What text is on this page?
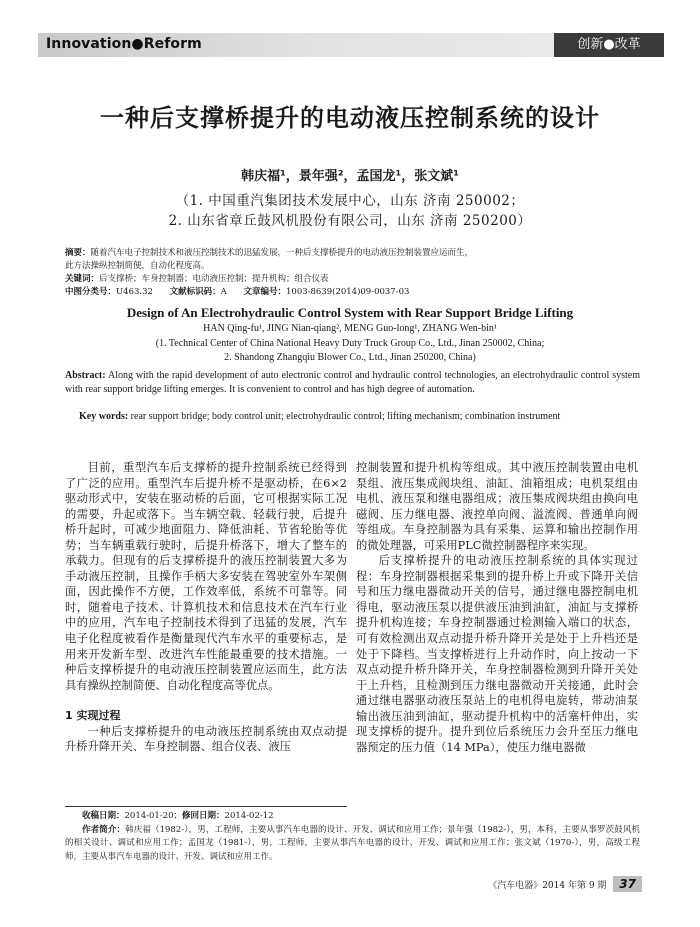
Innovation●Reform	创新●改革
一种后支撑桥提升的电动液压控制系统的设计
韩庆福¹，景年强²，孟国龙¹，张文斌¹
（1. 中国重汽集团技术发展中心，山东 济南 250002；
2. 山东省章丘鼓风机股份有限公司，山东 济南 250200）

摘要：随着汽车电子控制技术和液压控制技术的迅猛发展，一种后支撑桥提升的电动液压控制装置应运而生，

此方法操纵控制简便，自动化程度高。

关键词：后支撑桥；车身控制器；电动液压控制；提升机构；组合仪表

中图分类号：U463.32 文献标识码：A 文章编号：1003-8639(2014)09-0037-03

Design of An Electrohydraulic Control System with Rear Support Bridge Lifting
HAN Qing-fu¹, JING Nian-qiang², MENG Guo-long¹, ZHANG Wen-bin¹
(1. Technical Center of China National Heavy Duty Truck Group Co., Ltd., Jinan 250002, China;
2. Shandong Zhangqiu Blower Co., Ltd., Jinan 250200, China)
Abstract: Along with the rapid development of auto electronic control and hydraulic control technologies, an electrohydraulic control system with rear support bridge lifting emerges. It is convenient to control and has high degree of automation.
Key words: rear support bridge; body control unit; electrohydraulic control; lifting mechanism; combination instrument

目前，重型汽车后支撑桥的提升控制系统已经得到了广泛的应用。重型汽车后提升桥不是驱动桥，在6×2驱动形式中，安装在驱动桥的后面，它可根据实际工况的需要，升起或落下。当车辆空载、轻载行驶，后提升桥升起时，可减少地面阻力、降低油耗、节省轮胎等优势；当车辆重载行驶时，后提升桥落下，增大了整车的承载力。但现有的后支撑桥提升的液压控制装置大多为手动液压控制，且操作手柄大多安装在驾驶室外车架侧面，因此操作不方便，工作效率低，系统不可靠等。同时，随着电子技术、计算机技术和信息技术在汽车行业中的应用，汽车电子控制技术得到了迅猛的发展，汽车电子化程度被看作是衡量现代汽车水平的重要标志，是用来开发新车型、改进汽车性能最重要的技术措施。一种后支撑桥提升的电动液压控制装置应运而生，此方法具有操纵控制简便、自动化程度高等优点。

1 实现过程

一种后支撑桥提升的电动液压控制系统由双点动提升桥升降开关、车身控制器、组合仪表、液压

控制装置和提升机构等组成。其中液压控制装置由电机泵组、液压集成阀块组、油缸、油箱组成；电机泵组由电机、液压泵和继电器组成；液压集成阀块组由换向电磁阀、压力继电器、液控单向阀、溢流阀、普通单向阀等组成。车身控制器为具有采集、运算和输出控制作用的微处理器，可采用PLC微控制器程序来实现。

后支撑桥提升的电动液压控制系统的具体实现过程：车身控制器根据采集到的提升桥上升或下降开关信号和压力继电器微动开关的信号，通过继电器控制电机得电，驱动液压泵以提供液压油到油缸，油缸与支撑桥提升机构连接；车身控制器通过检测输入端口的状态，可有效检测出双点动提升桥升降开关是处于上升档还是处于下降档。当支撑桥进行上升动作时，向上按动一下双点动提升桥升降开关，车身控制器检测到升降开关处于上升档，且检测到压力继电器微动开关接通，此时会通过继电器驱动液压泵站上的电机得电旋转，带动油泵输出液压油到油缸，驱动提升机构中的活塞杆伸出，实现支撑桥的提升。提升到位后系统压力会升至压力继电器预定的压力值（14 MPa），使压力继电器微

收稿日期：2014-01-20；修回日期：2014-02-12

作者简介：韩庆福（1982-），男，工程师，主要从事汽车电器的设计、开发、调试和应用工作；景年强（1982-），男，本科，主要从事罗茨鼓风机的相关设计、调试和应用工作；孟国龙（1981-），男，工程师，主要从事汽车电器的设计、开发、调试和应用工作；张文斌（1970-），男，高级工程师，主要从事汽车电器的设计、开发、调试和应用工作。

《汽车电器》2014 年第 9 期 37
